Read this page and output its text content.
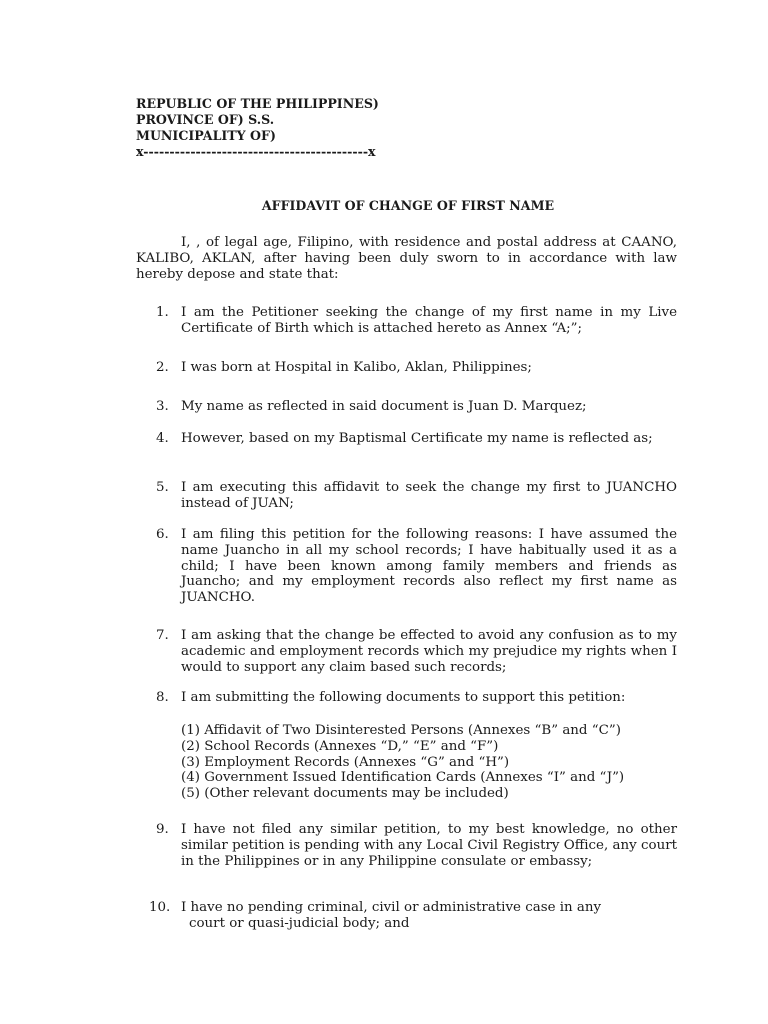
REPUBLIC OF THE PHILIPPINES)
PROVINCE OF) S.S.
MUNICIPALITY OF)
x-------------------------------------------x
AFFIDAVIT OF CHANGE OF FIRST NAME
I, , of legal age, Filipino, with residence and postal address at CAANO, KALIBO, AKLAN, after having been duly sworn to in accordance with law hereby depose and state that:
1. I am the Petitioner seeking the change of my first name in my Live Certificate of Birth which is attached hereto as Annex “A;”;
2. I was born at Hospital in Kalibo, Aklan, Philippines;
3. My name as reflected in said document is Juan D. Marquez;
4. However, based on my Baptismal Certificate my name is reflected as;
5. I am executing this affidavit to seek the change my first to JUANCHO instead of JUAN;
6. I am filing this petition for the following reasons: I have assumed the name Juancho in all my school records; I have habitually used it as a child; I have been known among family members and friends as Juancho; and my employment records also reflect my first name as JUANCHO.
7. I am asking that the change be effected to avoid any confusion as to my academic and employment records which my prejudice my rights when I would to support any claim based such records;
8. I am submitting the following documents to support this petition:
(1) Affidavit of Two Disinterested Persons (Annexes “B” and “C”)
(2) School Records (Annexes “D,” “E” and “F”)
(3) Employment Records (Annexes “G” and “H”)
(4) Government Issued Identification Cards (Annexes “I” and “J”)
(5) (Other relevant documents may be included)
9. I have not filed any similar petition, to my best knowledge, no other similar petition is pending with any Local Civil Registry Office, any court in the Philippines or in any Philippine consulate or embassy;
10. I have no pending criminal, civil or administrative case in any
court or quasi-judicial body; and
